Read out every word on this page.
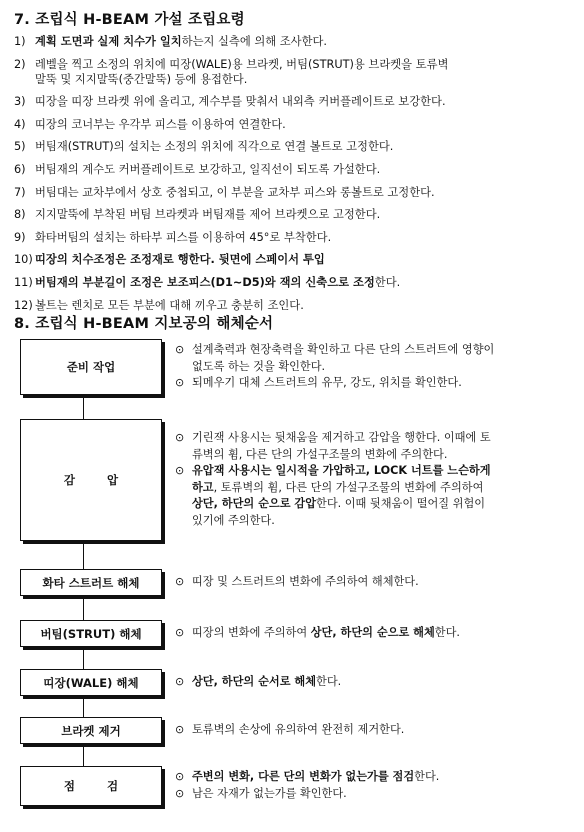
7. 조립식 H-BEAM 가설 조립요령
1) 계획 도면과 실제 치수가 일치하는지 실측에 의해 조사한다.
2) 레벨을 찍고 소정의 위치에 띠장(WALE)용 브라켓, 버팀(STRUT)용 브라켓을 토류벽
말뚝 및 지지말뚝(중간말뚝) 등에 용접한다.
3) 띠장을 띠장 브라켓 위에 올리고, 계수부를 맞춰서 내외측 커버플레이트로 보강한다.
4) 띠장의 코너부는 우각부 피스를 이용하여 연결한다.
5) 버팀재(STRUT)의 설치는 소정의 위치에 직각으로 연결 볼트로 고정한다.
6) 버팀재의 계수도 커버플레이트로 보강하고, 일직선이 되도록 가설한다.
7) 버팀대는 교차부에서 상호 중첩되고, 이 부분을 교차부 피스와 롱볼트로 고정한다.
8) 지지말뚝에 부착된 버팀 브라켓과 버팀재를 제어 브라켓으로 고정한다.
9) 화타버팀의 설치는 하타부 피스를 이용하여 45°로 부착한다.
10) 띠장의 치수조정은 조정재로 행한다. 뒷면에 스페이서 투입
11) 버팀재의 부분길이 조정은 보조피스(D1~D5)와 잭의 신축으로 조정한다.
12) 볼트는 렌치로 모든 부분에 대해 끼우고 충분히 조인다.
8. 조립식 H-BEAM 지보공의 해체순서
준비 작업
⊙ 설계축력과 현장축력을 확인하고 다른 단의 스트러트에 영향이
없도록 하는 것을 확인한다.
⊙ 되메우기 대체 스트러트의 유무, 강도, 위치를 확인한다.
감        압
⊙ 기린잭 사용시는 뒷채움을 제거하고 감압을 행한다. 이때에 토
류벽의 휨, 다른 단의 가설구조물의 변화에 주의한다.
⊙ 유압잭 사용시는 일시적을 가압하고, LOCK 너트를 느슨하게
하고, 토류벽의 휨, 다른 단의 가설구조물의 변화에 주의하여
상단, 하단의 순으로 감압한다. 이때 뒷채움이 떨어질 위험이
있기에 주의한다.
화타 스트러트 해체	⊙ 띠장 및 스트러트의 변화에 주의하여 해체한다.
버팀(STRUT) 해체	⊙ 띠장의 변화에 주의하여 상단, 하단의 순으로 해체한다.
띠장(WALE) 해체	⊙ 상단, 하단의 순서로 해체한다.
브라켓 제거	⊙ 토류벽의 손상에 유의하여 완전히 제거한다.
점        검
⊙ 주변의 변화, 다른 단의 변화가 없는가를 점검한다.
⊙ 남은 자재가 없는가를 확인한다.
